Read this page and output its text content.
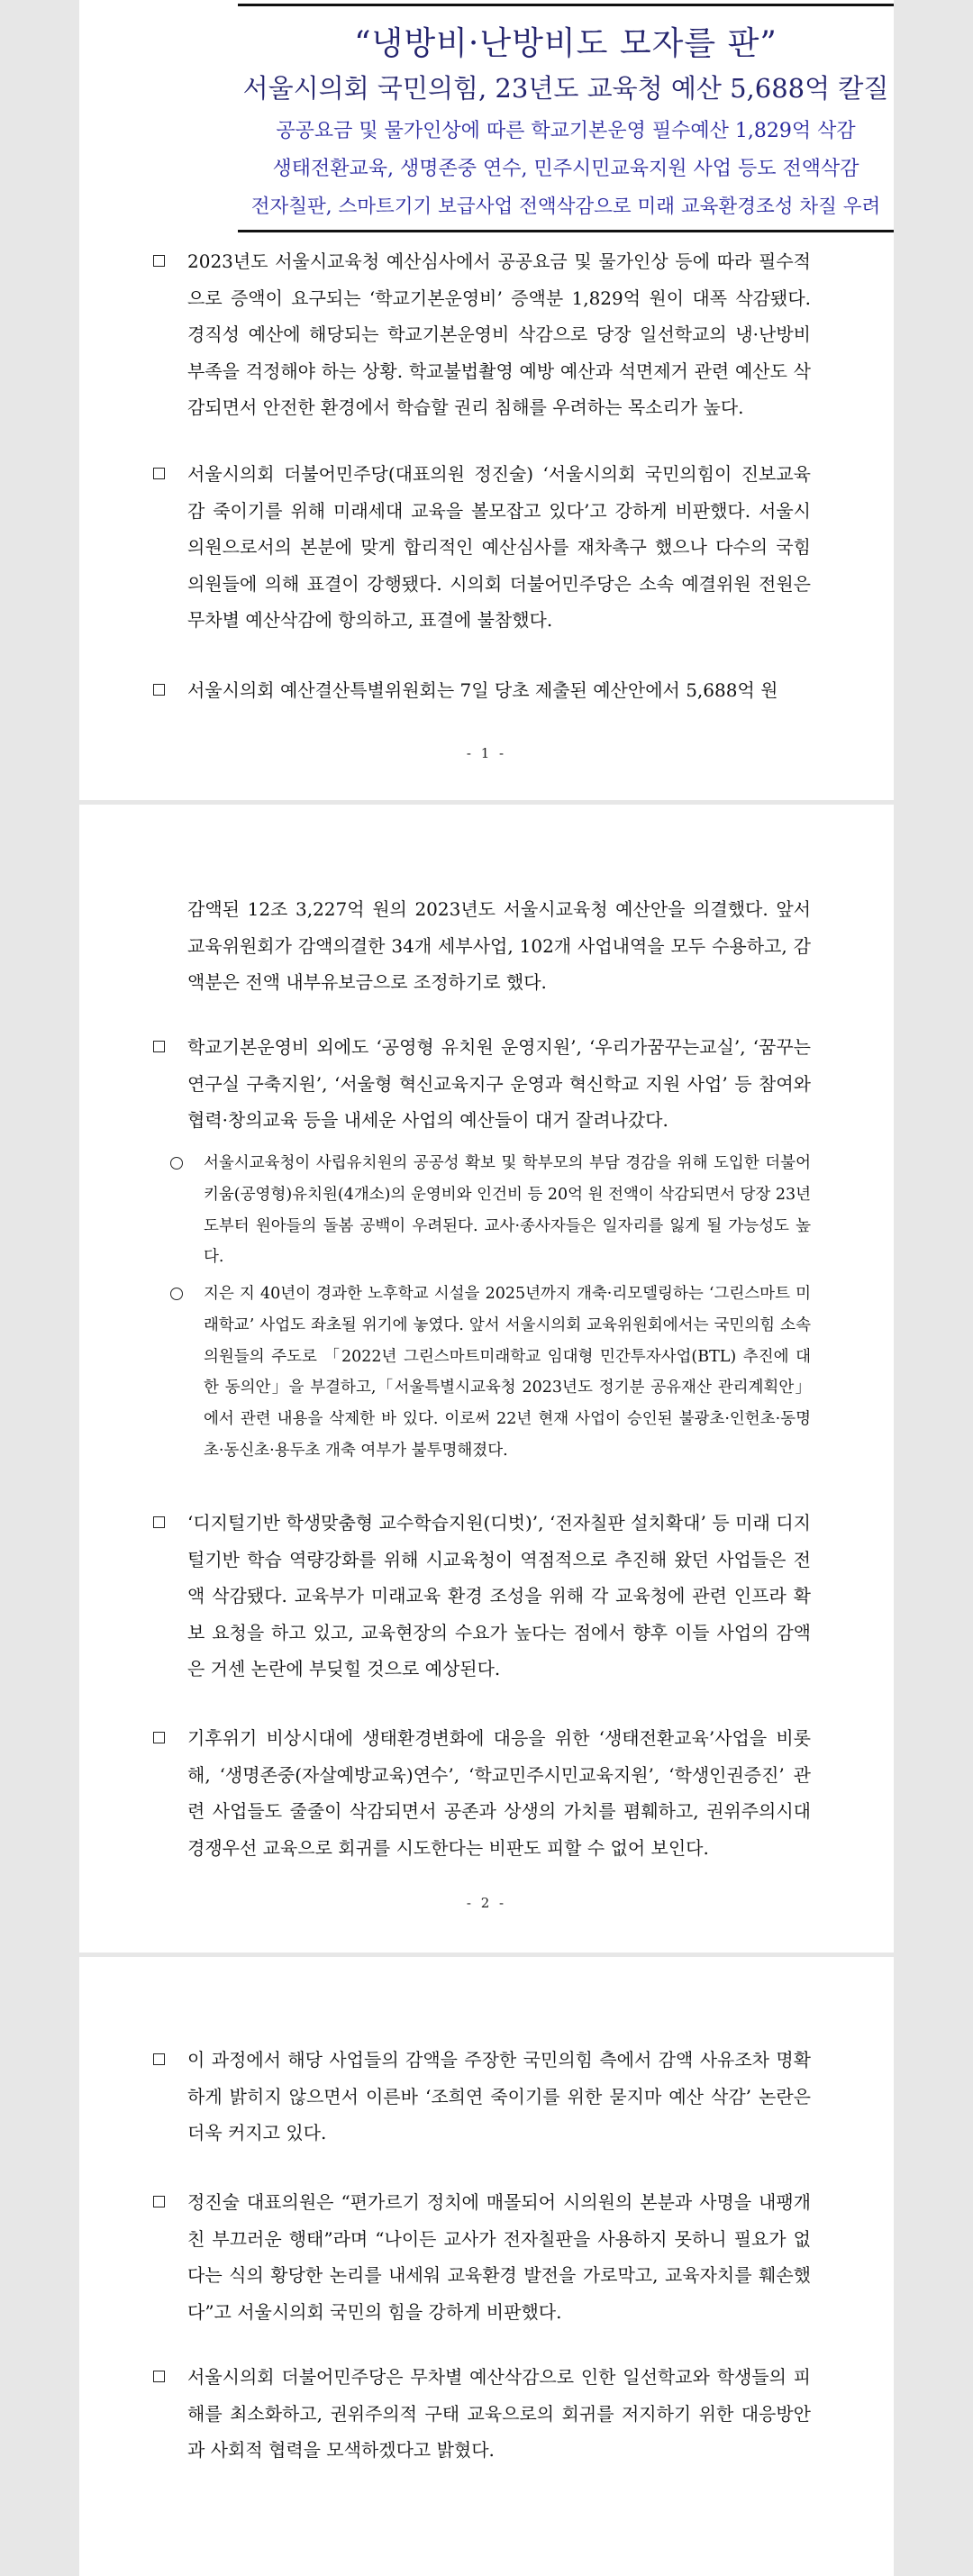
“냉방비·난방비도 모자를 판”
서울시의회 국민의힘, 23년도 교육청 예산 5,688억 칼질
공공요금 및 물가인상에 따른 학교기본운영 필수예산 1,829억 삭감
생태전환교육, 생명존중 연수, 민주시민교육지원 사업 등도 전액삭감
전자칠판, 스마트기기 보급사업 전액삭감으로 미래 교육환경조성 차질 우려
2023년도 서울시교육청 예산심사에서 공공요금 및 물가인상 등에 따라 필수적으로 증액이 요구되는 ‘학교기본운영비’ 증액분 1,829억 원이 대폭 삭감됐다. 경직성 예산에 해당되는 학교기본운영비 삭감으로 당장 일선학교의 냉·난방비 부족을 걱정해야 하는 상황. 학교불법촬영 예방 예산과 석면제거 관련 예산도 삭감되면서 안전한 환경에서 학습할 권리 침해를 우려하는 목소리가 높다.
서울시의회 더불어민주당(대표의원 정진술) ‘서울시의회 국민의힘이 진보교육 감 죽이기를 위해 미래세대 교육을 볼모잡고 있다’고 강하게 비판했다. 서울시 의원으로서의 본분에 맞게 합리적인 예산심사를 재차촉구 했으나 다수의 국힘 의원들에 의해 표결이 강행됐다. 시의회 더불어민주당은 소속 예결위원 전원은 무차별 예산삭감에 항의하고, 표결에 불참했다.
서울시의회 예산결산특별위원회는 7일 당초 제출된 예산안에서 5,688억 원
- 1 -
감액된 12조 3,227억 원의 2023년도 서울시교육청 예산안을 의결했다. 앞서 교육위원회가 감액의결한 34개 세부사업, 102개 사업내역을 모두 수용하고, 감액분은 전액 내부유보금으로 조정하기로 했다.
학교기본운영비 외에도 ‘공영형 유치원 운영지원’, ‘우리가꿈꾸는교실’, ‘꿈꾸는 연구실 구축지원’, ‘서울형 혁신교육지구 운영과 혁신학교 지원 사업’ 등 참여와 협력·창의교육 등을 내세운 사업의 예산들이 대거 잘려나갔다.
서울시교육청이 사립유치원의 공공성 확보 및 학부모의 부담 경감을 위해 도입한 더불어키움(공영형)유치원(4개소)의 운영비와 인건비 등 20억 원 전액이 삭감되면서 당장 23년도부터 원아들의 돌봄 공백이 우려된다. 교사·종사자들은 일자리를 잃게 될 가능성도 높다.
지은 지 40년이 경과한 노후학교 시설을 2025년까지 개축·리모델링하는 ‘그린스마트 미래학교’ 사업도 좌초될 위기에 놓였다. 앞서 서울시의회 교육위원회에서는 국민의힘 소속 의원들의 주도로 「2022년 그린스마트미래학교 임대형 민간투자사업(BTL) 추진에 대한 동의안」을 부결하고,「서울특별시교육청 2023년도 정기분 공유재산 관리계획안」에서 관련 내용을 삭제한 바 있다. 이로써 22년 현재 사업이 승인된 불광초·인헌초·동명초·동신초·용두초 개축 여부가 불투명해졌다.
‘디지털기반 학생맞춤형 교수학습지원(디벗)’, ‘전자칠판 설치확대’ 등 미래 디지털기반 학습 역량강화를 위해 시교육청이 역점적으로 추진해 왔던 사업들은 전액 삭감됐다. 교육부가 미래교육 환경 조성을 위해 각 교육청에 관련 인프라 확보 요청을 하고 있고, 교육현장의 수요가 높다는 점에서 향후 이들 사업의 감액은 거센 논란에 부딪힐 것으로 예상된다.
기후위기 비상시대에 생태환경변화에 대응을 위한 ‘생태전환교육’사업을 비롯해, ‘생명존중(자살예방교육)연수’, ‘학교민주시민교육지원’, ‘학생인권증진’ 관련 사업들도 줄줄이 삭감되면서 공존과 상생의 가치를 폄훼하고, 권위주의시대 경쟁우선 교육으로 회귀를 시도한다는 비판도 피할 수 없어 보인다.
- 2 -
이 과정에서 해당 사업들의 감액을 주장한 국민의힘 측에서 감액 사유조차 명확하게 밝히지 않으면서 이른바 ‘조희연 죽이기를 위한 묻지마 예산 삭감’ 논란은 더욱 커지고 있다.
정진술 대표의원은 “편가르기 정치에 매몰되어 시의원의 본분과 사명을 내팽개친 부끄러운 행태”라며 “나이든 교사가 전자칠판을 사용하지 못하니 필요가 없다는 식의 황당한 논리를 내세워 교육환경 발전을 가로막고, 교육자치를 훼손했다”고 서울시의회 국민의 힘을 강하게 비판했다.
서울시의회 더불어민주당은 무차별 예산삭감으로 인한 일선학교와 학생들의 피해를 최소화하고, 권위주의적 구태 교육으로의 회귀를 저지하기 위한 대응방안과 사회적 협력을 모색하겠다고 밝혔다.
